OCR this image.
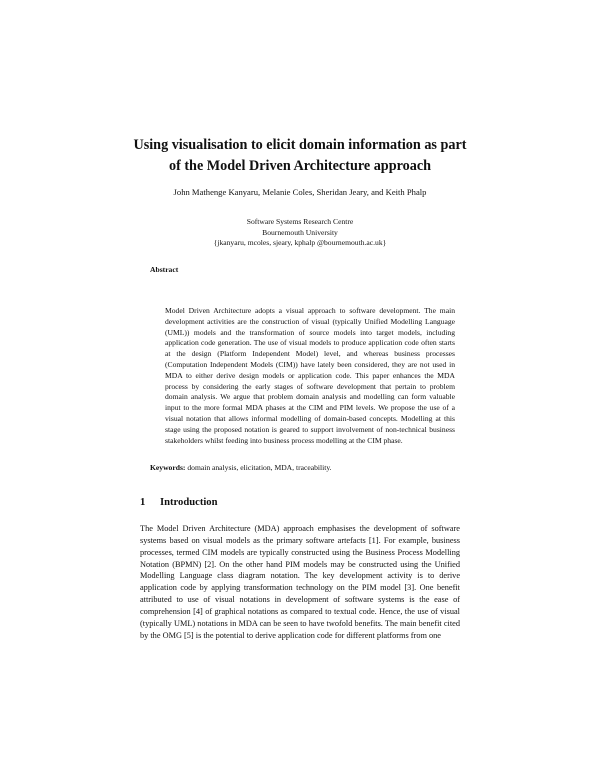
Using visualisation to elicit domain information as part
of the Model Driven Architecture approach
John Mathenge Kanyaru, Melanie Coles, Sheridan Jeary, and Keith Phalp
Software Systems Research Centre
Bournemouth University
{jkanyaru, mcoles, sjeary, kphalp @bournemouth.ac.uk}
Abstract

Model Driven Architecture adopts a visual approach to software development. The main development activities are the construction of visual (typically Unified Modelling Language (UML)) models and the transformation of source models into target models, including application code generation. The use of visual models to produce application code often starts at the design (Platform Independent Model) level, and whereas business processes (Computation Independent Models (CIM)) have lately been considered, they are not used in MDA to either derive design models or application code. This paper enhances the MDA process by considering the early stages of software development that pertain to problem domain analysis. We argue that problem domain analysis and modelling can form valuable input to the more formal MDA phases at the CIM and PIM levels. We propose the use of a visual notation that allows informal modelling of domain-based concepts. Modelling at this stage using the proposed notation is geared to support involvement of non-technical business stakeholders whilst feeding into business process modelling at the CIM phase.

Keywords: domain analysis, elicitation, MDA, traceability.
1 Introduction

The Model Driven Architecture (MDA) approach emphasises the development of software systems based on visual models as the primary software artefacts [1]. For example, business processes, termed CIM models are typically constructed using the Business Process Modelling Notation (BPMN) [2]. On the other hand PIM models may be constructed using the Unified Modelling Language class diagram notation. The key development activity is to derive application code by applying transformation technology on the PIM model [3]. One benefit attributed to use of visual notations in development of software systems is the ease of comprehension [4] of graphical notations as compared to textual code. Hence, the use of visual (typically UML) notations in MDA can be seen to have twofold benefits. The main benefit cited by the OMG [5] is the potential to derive application code for different platforms from one
